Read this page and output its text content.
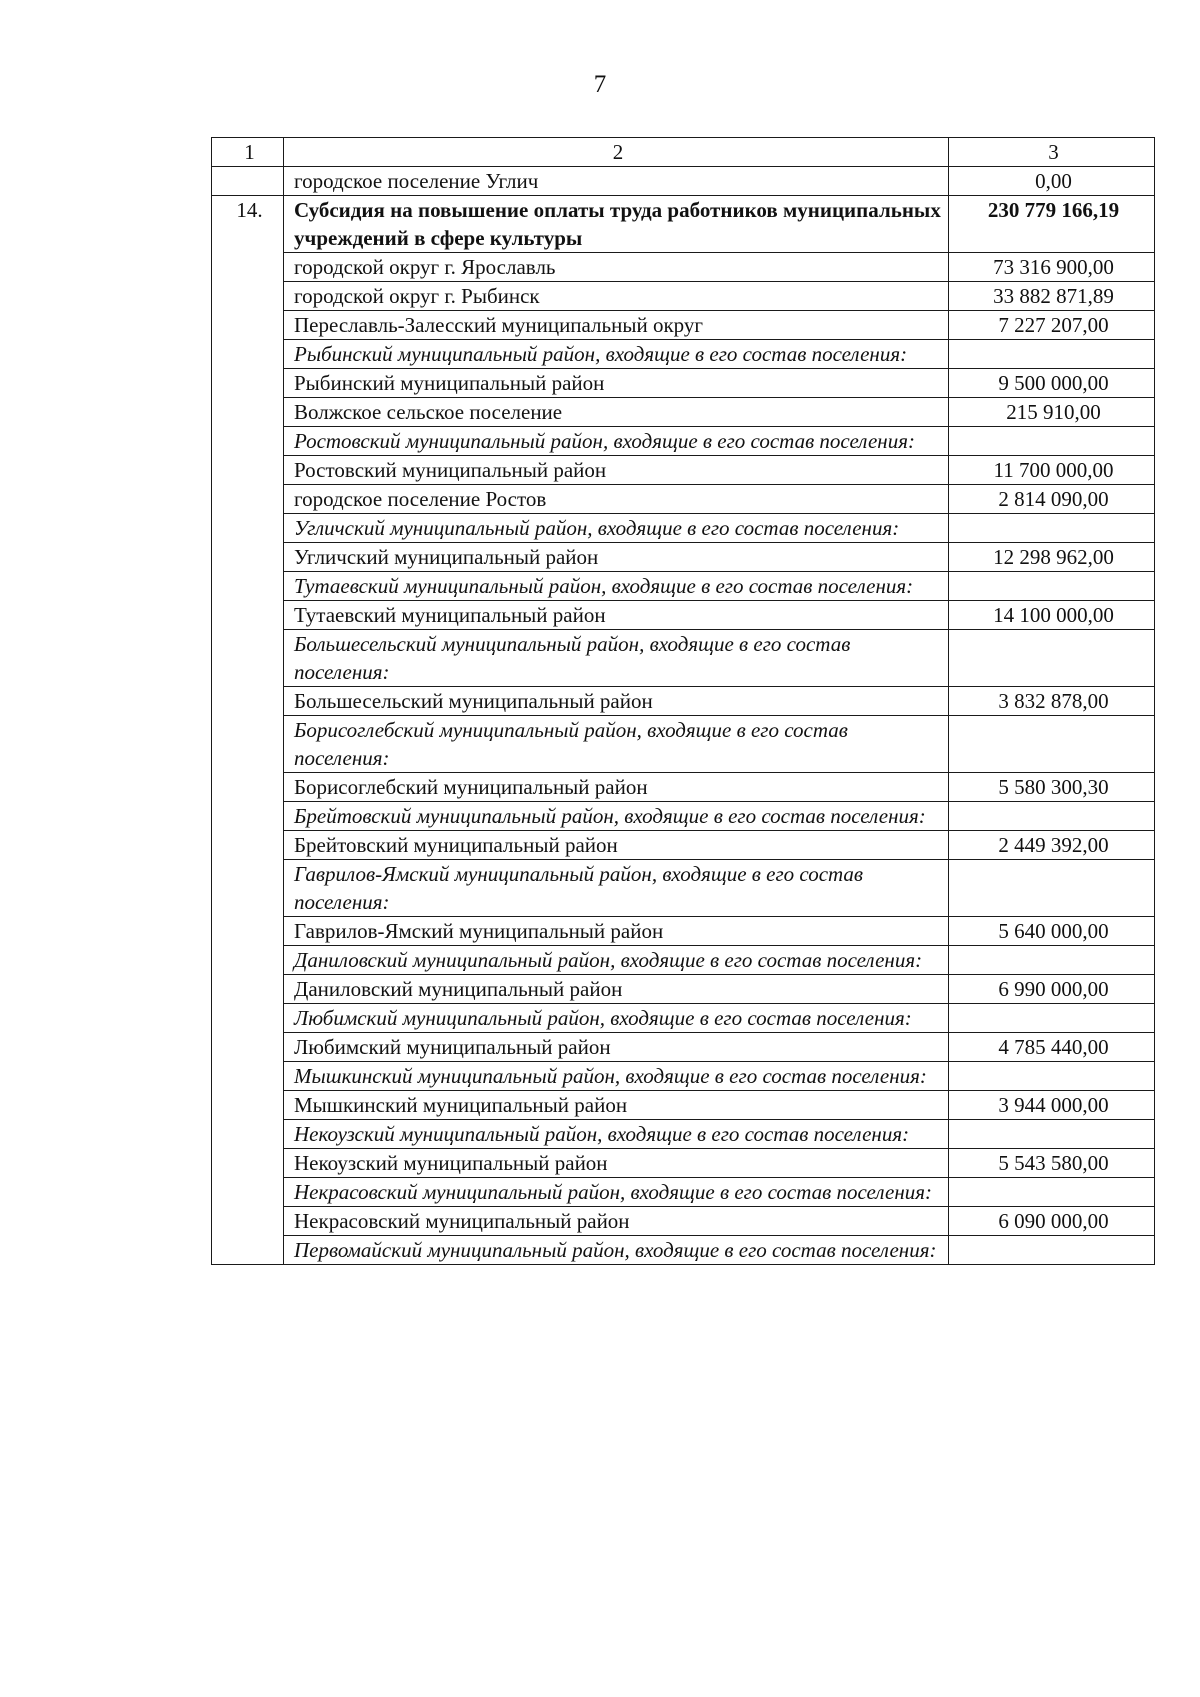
7
1	2	3
	городское поселение Углич	0,00
14.	Субсидия на повышение оплаты труда работников муниципальных учреждений в сфере культуры	230 779 166,19
	городской округ г. Ярославль	73 316 900,00
	городской округ г. Рыбинск	33 882 871,89
	Переславль-Залесский муниципальный округ	7 227 207,00
	Рыбинский муниципальный район, входящие в его состав поселения:	
	Рыбинский муниципальный район	9 500 000,00
	Волжское сельское поселение	215 910,00
	Ростовский муниципальный район, входящие в его состав поселения:	
	Ростовский муниципальный район	11 700 000,00
	городское поселение Ростов	2 814 090,00
	Угличский муниципальный район, входящие в его состав поселения:	
	Угличский муниципальный район	12 298 962,00
	Тутаевский муниципальный район, входящие в его состав поселения:	
	Тутаевский муниципальный район	14 100 000,00
	Большесельский муниципальный район, входящие в его состав поселения:	
	Большесельский муниципальный район	3 832 878,00
	Борисоглебский муниципальный район, входящие в его состав поселения:	
	Борисоглебский муниципальный район	5 580 300,30
	Брейтовский муниципальный район, входящие в его состав поселения:	
	Брейтовский муниципальный район	2 449 392,00
	Гаврилов-Ямский муниципальный район, входящие в его состав поселения:	
	Гаврилов-Ямский муниципальный район	5 640 000,00
	Даниловский муниципальный район, входящие в его состав поселения:	
	Даниловский муниципальный район	6 990 000,00
	Любимский муниципальный район, входящие в его состав поселения:	
	Любимский муниципальный район	4 785 440,00
	Мышкинский муниципальный район, входящие в его состав поселения:	
	Мышкинский муниципальный район	3 944 000,00
	Некоузский муниципальный район, входящие в его состав поселения:	
	Некоузский муниципальный район	5 543 580,00
	Некрасовский муниципальный район, входящие в его состав поселения:	
	Некрасовский муниципальный район	6 090 000,00
	Первомайский муниципальный район, входящие в его состав поселения:	
